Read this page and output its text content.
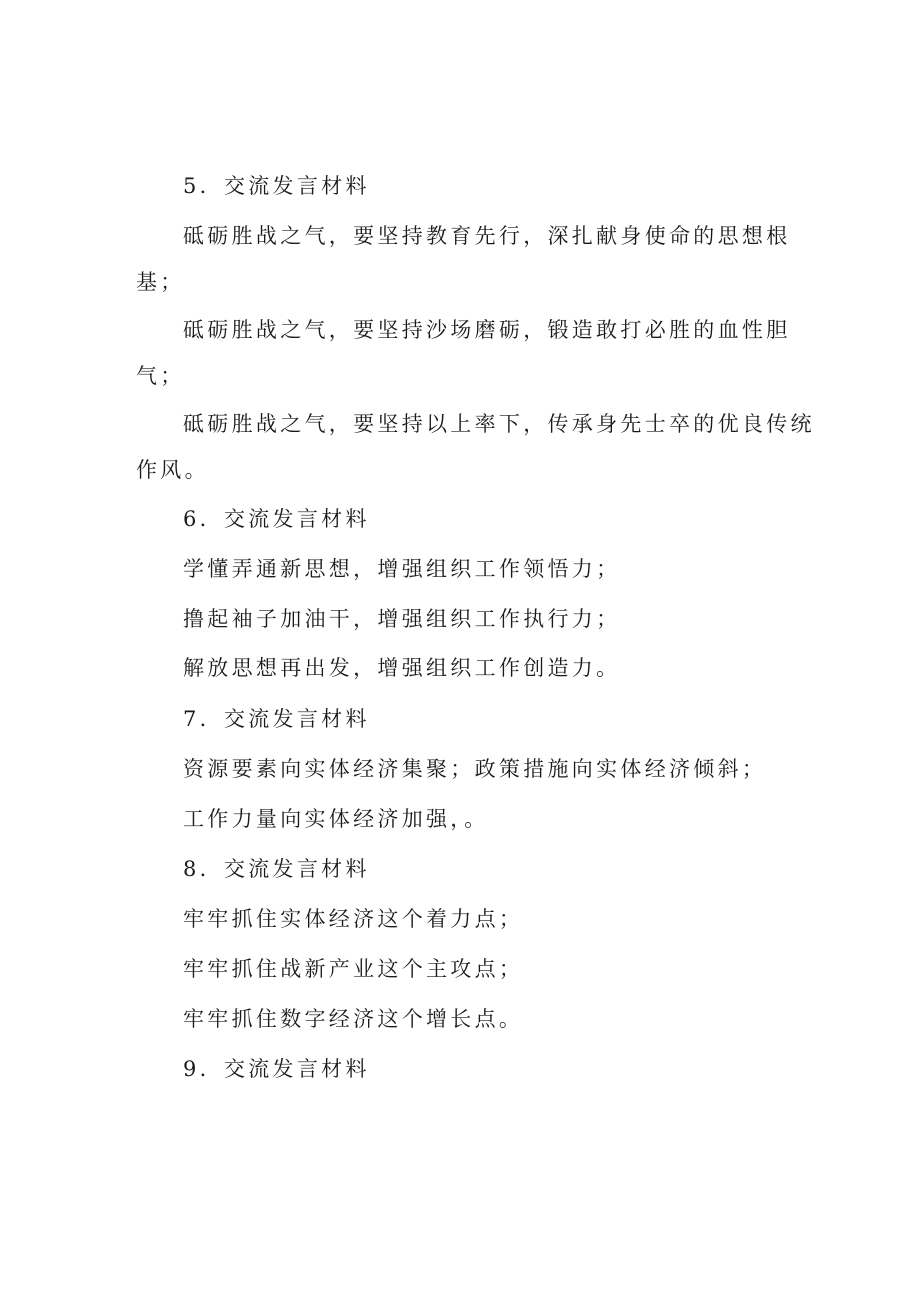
5．交流发言材料
砥砺胜战之气，要坚持教育先行，深扎献身使命的思想根
基；
砥砺胜战之气，要坚持沙场磨砺，锻造敢打必胜的血性胆
气；
砥砺胜战之气，要坚持以上率下，传承身先士卒的优良传统
作风。
6．交流发言材料
学懂弄通新思想，增强组织工作领悟力；
撸起袖子加油干，增强组织工作执行力；
解放思想再出发，增强组织工作创造力。
7．交流发言材料
资源要素向实体经济集聚；政策措施向实体经济倾斜；
工作力量向实体经济加强，。
8．交流发言材料
牢牢抓住实体经济这个着力点；
牢牢抓住战新产业这个主攻点；
牢牢抓住数字经济这个增长点。
9．交流发言材料
